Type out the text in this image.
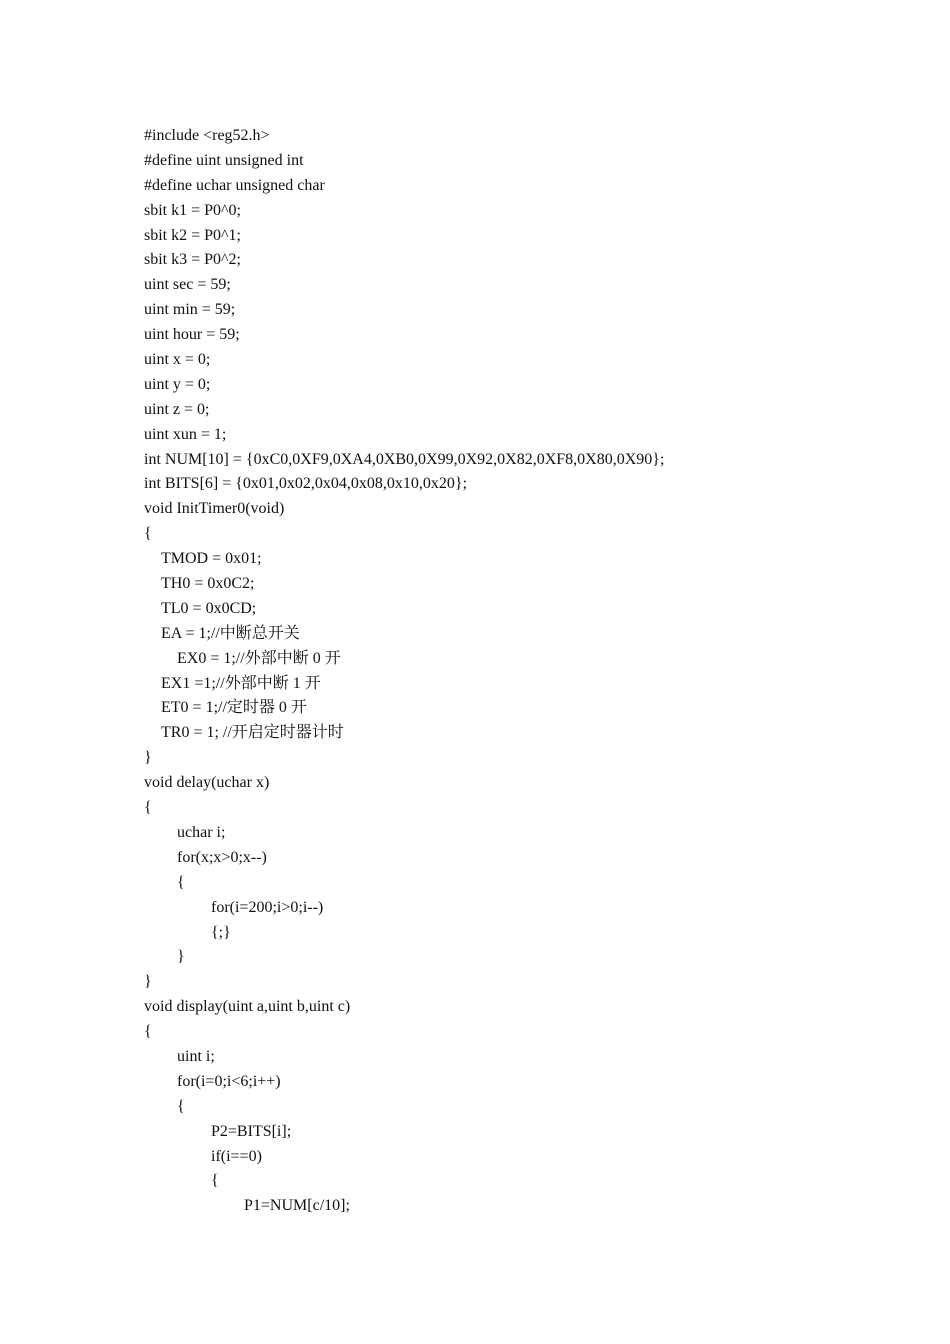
#include <reg52.h>
#define uint unsigned int
#define uchar unsigned char
sbit k1 = P0^0;
sbit k2 = P0^1;
sbit k3 = P0^2;
uint sec = 59;
uint min = 59;
uint hour = 59;
uint x = 0;
uint y = 0;
uint z = 0;
uint xun = 1;
int NUM[10] = {0xC0,0XF9,0XA4,0XB0,0X99,0X92,0X82,0XF8,0X80,0X90};
int BITS[6] = {0x01,0x02,0x04,0x08,0x10,0x20};
void InitTimer0(void)
{
TMOD = 0x01;
TH0 = 0x0C2;
TL0 = 0x0CD;
EA = 1;//中断总开关
EX0 = 1;//外部中断 0 开
EX1 =1;//外部中断 1 开
ET0 = 1;//定时器 0 开
TR0 = 1; //开启定时器计时
}
void delay(uchar x)
{
uchar i;
for(x;x>0;x--)
{
for(i=200;i>0;i--)
{;}
}
}
void display(uint a,uint b,uint c)
{
uint i;
for(i=0;i<6;i++)
{
P2=BITS[i];
if(i==0)
{
P1=NUM[c/10];
